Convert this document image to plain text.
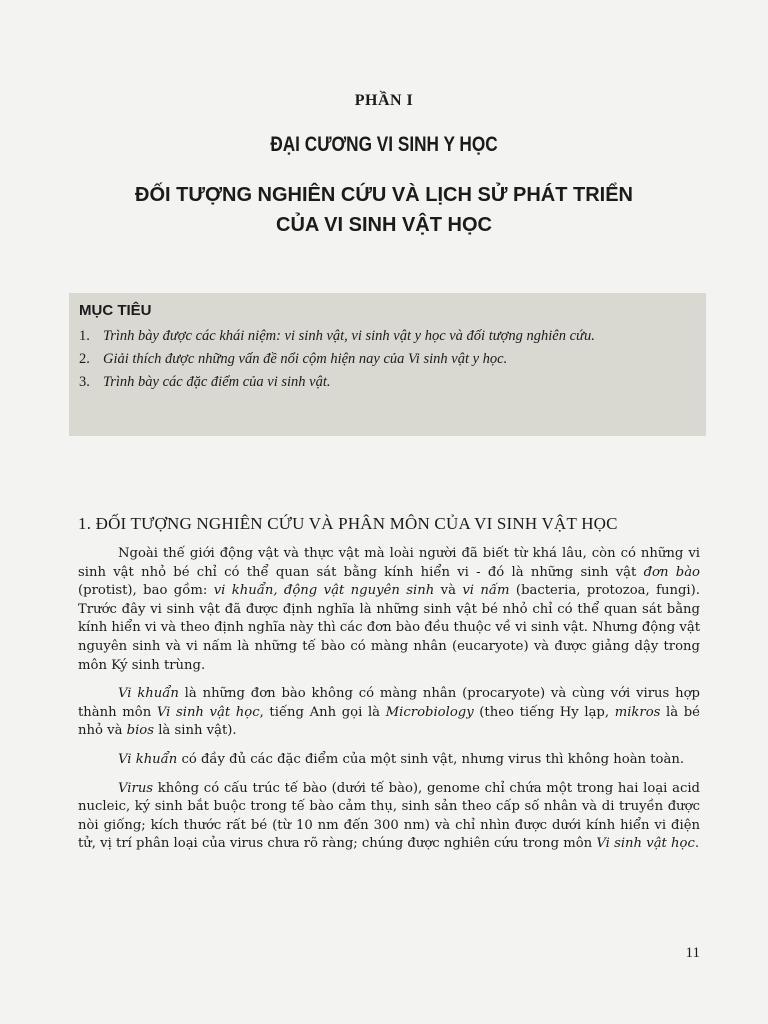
PHẦN I
ĐẠI CƯƠNG VI SINH Y HỌC
ĐỐI TƯỢNG NGHIÊN CỨU VÀ LỊCH SỬ PHÁT TRIỂN
CỦA VI SINH VẬT HỌC
MỤC TIÊU
1. Trình bày được các khái niệm: vi sinh vật, vi sinh vật y học và đối tượng nghiên cứu.
2. Giải thích được những vấn đề nổi cộm hiện nay của Vi sinh vật y học.
3. Trình bày các đặc điểm của vi sinh vật.
1. ĐỐI TƯỢNG NGHIÊN CỨU VÀ PHÂN MÔN CỦA VI SINH VẬT HỌC

Ngoài thế giới động vật và thực vật mà loài người đã biết từ khá lâu, còn có những vi sinh vật nhỏ bé chỉ có thể quan sát bằng kính hiển vi - đó là những sinh vật đơn bào (protist), bao gồm: vi khuẩn, động vật nguyên sinh và vi nấm (bacteria, protozoa, fungi). Trước đây vi sinh vật đã được định nghĩa là những sinh vật bé nhỏ chỉ có thể quan sát bằng kính hiển vi và theo định nghĩa này thì các đơn bào đều thuộc về vi sinh vật. Nhưng động vật nguyên sinh và vi nấm là những tế bào có màng nhân (eucaryote) và được giảng dậy trong môn Ký sinh trùng.

Vi khuẩn là những đơn bào không có màng nhân (procaryote) và cùng với virus hợp thành môn Vi sinh vật học, tiếng Anh gọi là Microbiology (theo tiếng Hy lạp, mikros là bé nhỏ và bios là sinh vật).

Vi khuẩn có đầy đủ các đặc điểm của một sinh vật, nhưng virus thì không hoàn toàn.

Virus không có cấu trúc tế bào (dưới tế bào), genome chỉ chứa một trong hai loại acid nucleic, ký sinh bắt buộc trong tế bào cảm thụ, sinh sản theo cấp số nhân và di truyền được nòi giống; kích thước rất bé (từ 10 nm đến 300 nm) và chỉ nhìn được dưới kính hiển vi điện tử, vị trí phân loại của virus chưa rõ ràng; chúng được nghiên cứu trong môn Vi sinh vật học.

11
